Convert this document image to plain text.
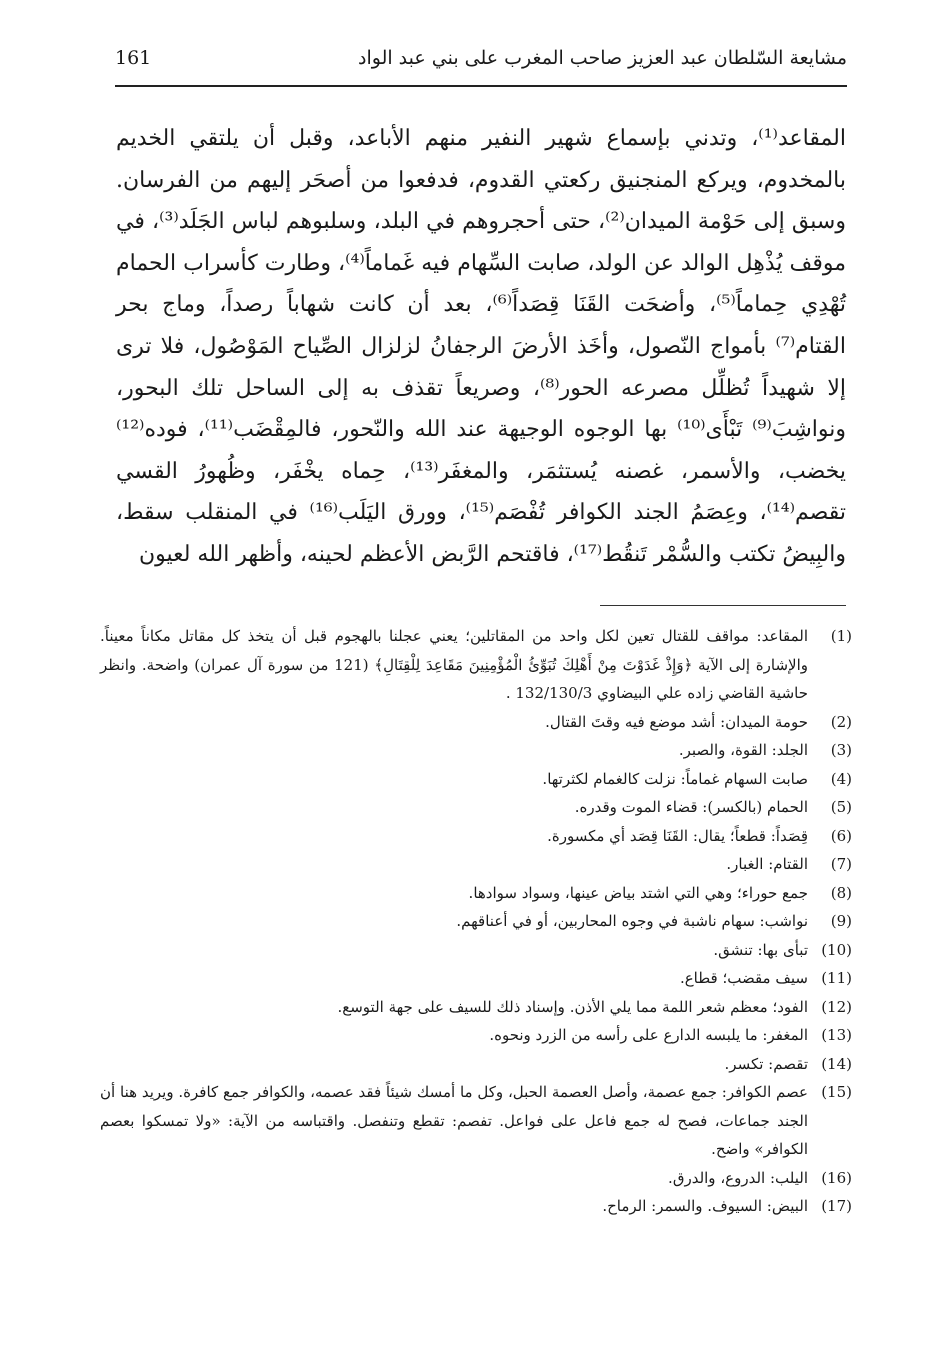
مشايعة السّلطان عبد العزيز صاحب المغرب على بني عبد الواد
161
المقاعد⁽¹⁾، وتدني بإسماع شهير النفير منهم الأباعد، وقبل أن يلتقي الخديم بالمخدوم، ويركع المنجنيق ركعتي القدوم، فدفعوا من أصحَر إليهم من الفرسان. وسبق إلى حَوْمة الميدان⁽²⁾، حتى أحجروهم في البلد، وسلبوهم لباس الجَلَد⁽³⁾، في موقف يُذْهِل الوالد عن الولد، صابت السِّهام فيه غَماماً⁽⁴⁾، وطارت كأسراب الحمام تُهْدِي حِماماً⁽⁵⁾، وأضحَت القَنَا قِصَداً⁽⁶⁾، بعد أن كانت شهاباً رصداً، وماج بحر القتام⁽⁷⁾ بأمواج النّصول، وأخَذ الأرضَ الرجفانُ لزلزال الصِّياح المَوْصُول، فلا ترى إلا شهيداً تُظلِّل مصرعه الحور⁽⁸⁾، وصريعاً تقذف به إلى الساحل تلك البحور، ونواشِبَ⁽⁹⁾ تَبْأَى⁽¹⁰⁾ بها الوجوه الوجيهة عند الله والنّحور، فالمِقْضَب⁽¹¹⁾، فوده⁽¹²⁾ يخضب، والأسمر، غصنه يُستثمَر، والمغفَر⁽¹³⁾، حِماه يخْفَر، وظُهورُ القسي تقصم⁽¹⁴⁾، وعِصَمُ الجند الكوافر تُفْصَم⁽¹⁵⁾، وورق اليَلَب⁽¹⁶⁾ في المنقلب سقط، والبِيضُ تكتب والسُّمْر تَنقُط⁽¹⁷⁾، فاقتحم الرَّبض الأعظم لحينه، وأظهر الله لعيون
(1)
المقاعد: مواقف للقتال تعين لكل واحد من المقاتلين؛ يعني عجلنا بالهجوم قبل أن يتخذ كل مقاتل مكاناً معيناً. والإشارة إلى الآية ﴿وَإِذْ غَدَوْتَ مِنْ أَهْلِكَ تُبَوِّئُ الْمُؤْمِنِينَ مَقَاعِدَ لِلْقِتَالِ﴾ (121 من سورة آل عمران) واضحة. وانظر حاشية القاضي زاده علي البيضاوي 132/130/3 .
(2)
حومة الميدان: أشد موضع فيه وقتَ القتال.
(3)
الجلد: القوة، والصبر.
(4)
صابت السهام غماماً: نزلت كالغمام لكثرتها.
(5)
الحمام (بالكسر): قضاء الموت وقدره.
(6)
قِصَداً: قطعاً؛ يقال: القَنَا قِصَد أي مكسورة.
(7)
القتام: الغبار.
(8)
جمع حوراء؛ وهي التي اشتد بياض عينها، وسواد سوادها.
(9)
نواشب: سهام ناشبة في وجوه المحاربين، أو في أعناقهم.
(10)
تبأى بها: تنشق.
(11)
سيف مقضب؛ قطاع.
(12)
الفود؛ معظم شعر اللمة مما يلي الأذن. وإسناد ذلك للسيف على جهة التوسع.
(13)
المغفر: ما يلبسه الدارع على رأسه من الزرد ونحوه.
(14)
تقصم: تكسر.
(15)
عصم الكوافر: جمع عصمة، وأصل العصمة الحبل، وكل ما أمسك شيئاً فقد عصمه، والكوافر جمع كافرة. ويريد هنا أن الجند جماعات، فصح له جمع فاعل على فواعل. تفصم: تقطع وتنفصل. واقتباسه من الآية: «ولا تمسكوا بعصم الكوافر» واضح.
(16)
اليلب: الدروع، والدرق.
(17)
البيض: السيوف. والسمر: الرماح.
